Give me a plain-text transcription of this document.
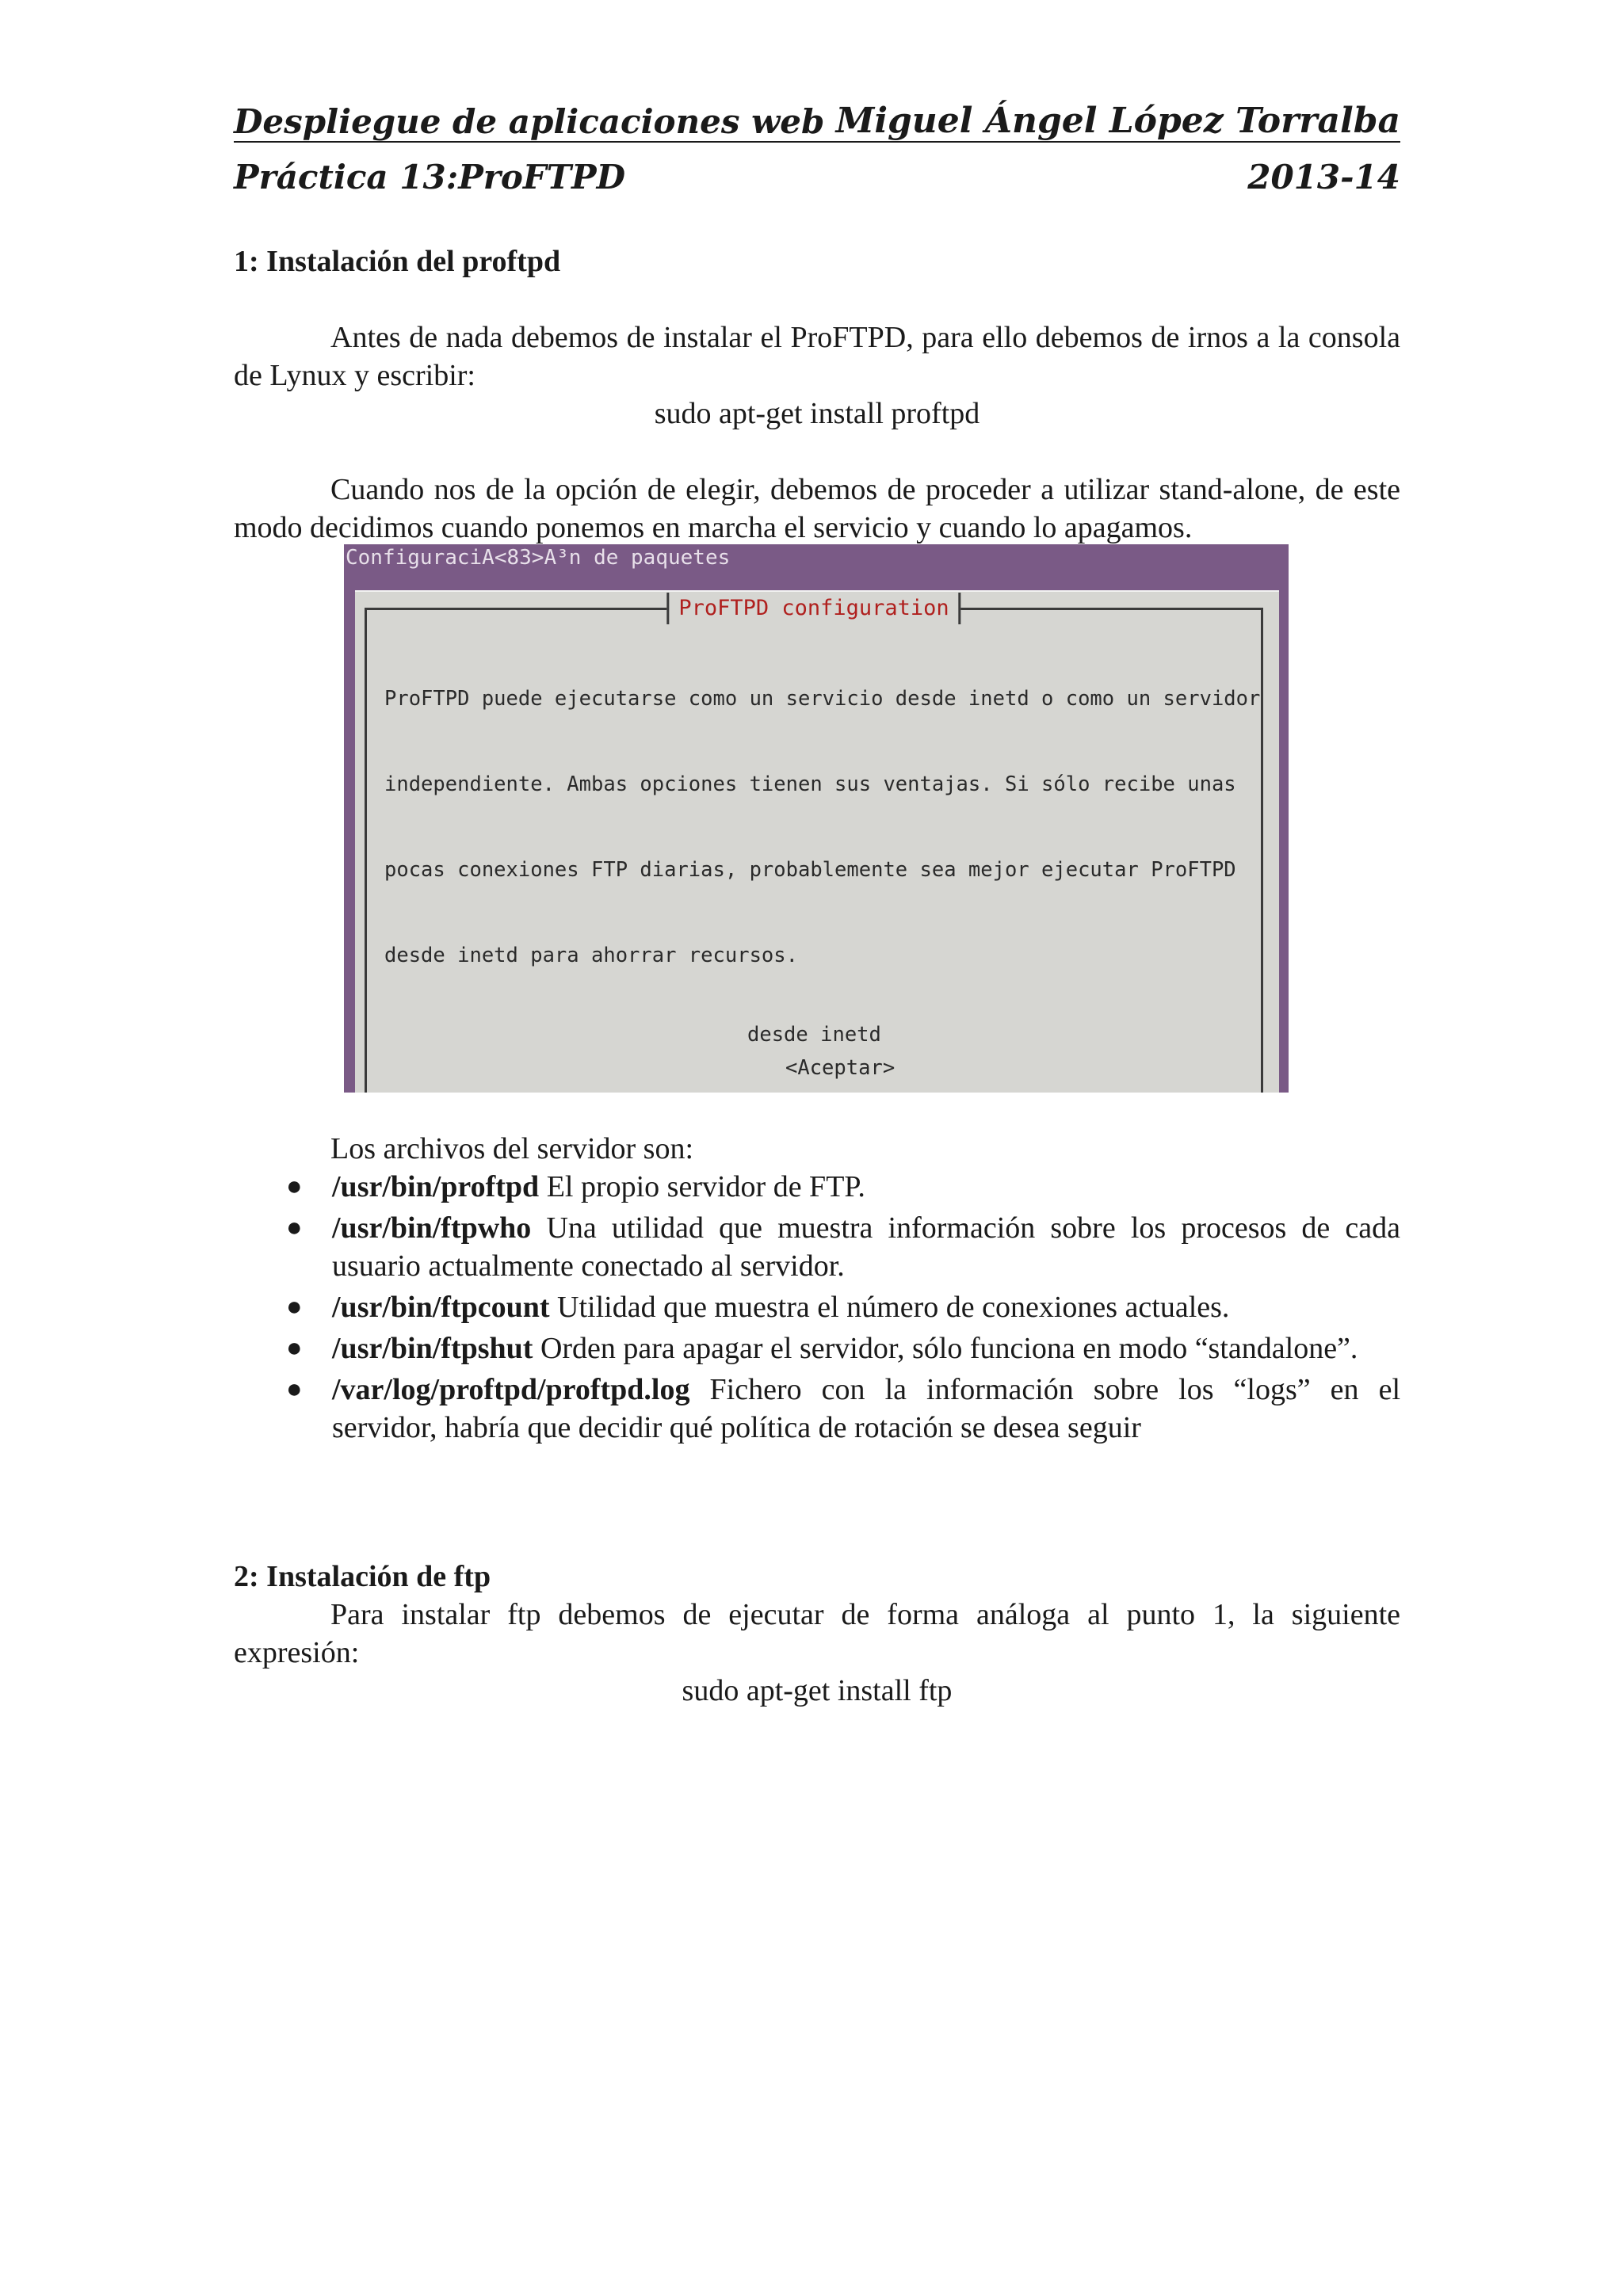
Despliegue de aplicaciones web Miguel Ángel López Torralba
Práctica 13:ProFTPD	2013-14
1: Instalación del proftpd
Antes de nada debemos de instalar el ProFTPD, para ello debemos de irnos a la consola de Lynux y escribir:
sudo apt-get install proftpd
Cuando nos de la opción de elegir, debemos de proceder a utilizar stand-alone, de este modo decidimos cuando ponemos en marcha el servicio y cuando lo apagamos.
ConfiguraciA<83>A³n de paquetes
ProFTPD configuration

ProFTPD puede ejecutarse como un servicio desde inetd o como un servidor

independiente. Ambas opciones tienen sus ventajas. Si sólo recibe unas

pocas conexiones FTP diarias, probablemente sea mejor ejecutar ProFTPD

desde inetd para ahorrar recursos.

desde inetd

<Aceptar>
Los archivos del servidor son:
● /usr/bin/proftpd El propio servidor de FTP.
● /usr/bin/ftpwho Una utilidad que muestra información sobre los procesos de cada usuario actualmente conectado al servidor.
● /usr/bin/ftpcount Utilidad que muestra el número de conexiones actuales.
● /usr/bin/ftpshut Orden para apagar el servidor, sólo funciona en modo “standalone”.
● /var/log/proftpd/proftpd.log Fichero con la información sobre los “logs” en el servidor, habría que decidir qué política de rotación se desea seguir
2: Instalación de ftp
Para instalar ftp debemos de ejecutar de forma análoga al punto 1, la siguiente expresión:
sudo apt-get install ftp
